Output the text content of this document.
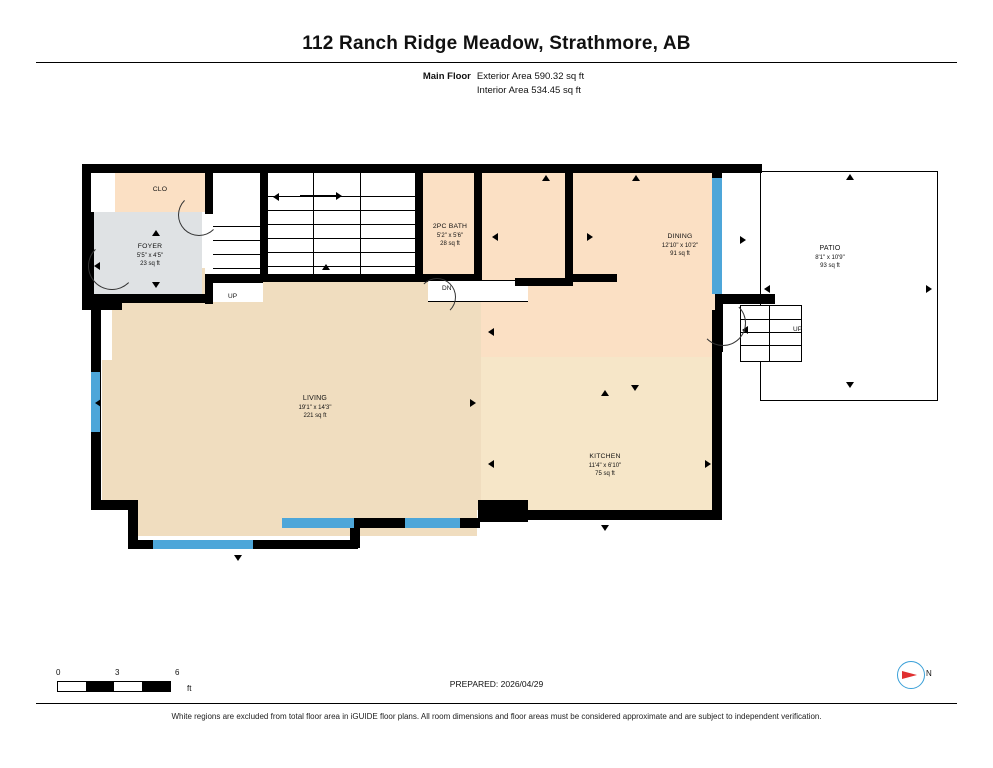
112 Ranch Ridge Meadow, Strathmore, AB
Main Floor Exterior Area 590.32 sq ft
Interior Area 534.45 sq ft
PATIO
8'1" x 10'9"
93 sq ft
UP
DN
UP
CLO
FOYER
5'5" x 4'5"
23 sq ft
2PC BATH
5'2" x 5'6"
28 sq ft
DINING
12'10" x 10'2"
91 sq ft
LIVING
19'1" x 14'3"
221 sq ft
KITCHEN
11'4" x 6'10"
75 sq ft
0	3	6
ft	PREPARED: 2026/04/29
N
White regions are excluded from total floor area in iGUIDE floor plans. All room dimensions and floor areas must be considered approximate and are subject to independent verification.
